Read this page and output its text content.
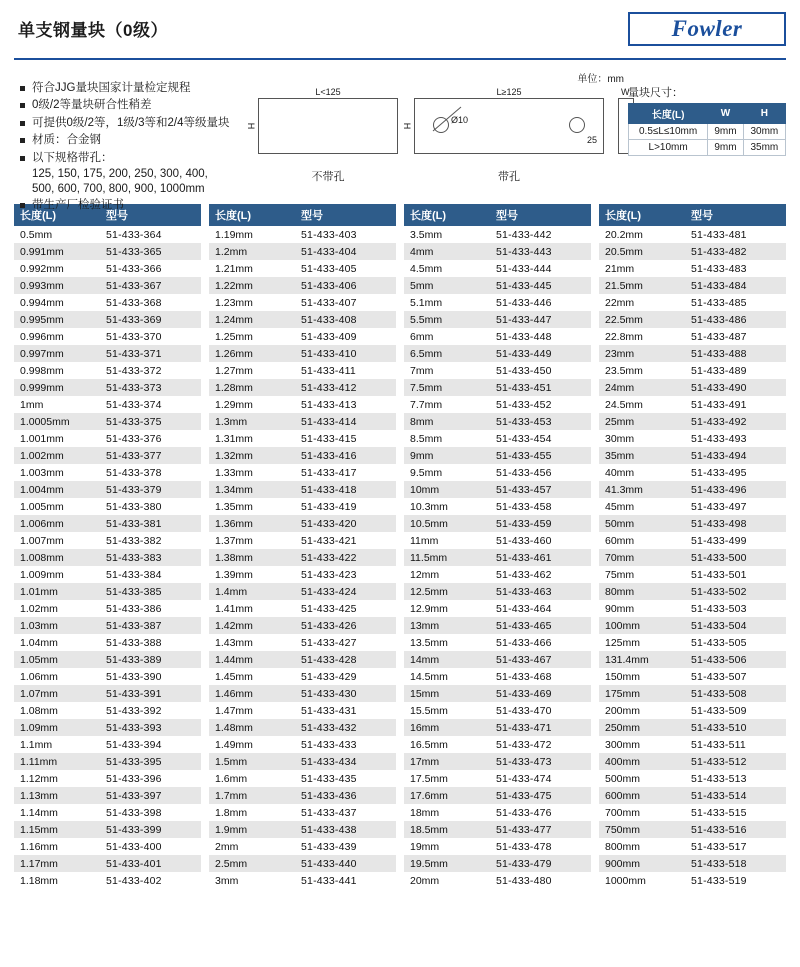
单支钢量块（0级）	Fowler
符合JJG量块国家计量检定规程
0级/2等量块研合性稍差
可提供0级/2等，1级/3等和2/4等级量块
材质：合金钢
以下规格带孔：
125, 150, 175, 200, 250, 300, 400,
500, 600, 700, 800, 900, 1000mm
带生产厂检验证书
单位：mm
L<125
H
不带孔
L≥125
H
Ø10
25
带孔

W
量块尺寸：
长度(L)	W	H
0.5≤L≤10mm	9mm	30mm
L>10mm	9mm	35mm
长度(L)	型号
0.5mm	51-433-364
0.991mm	51-433-365
0.992mm	51-433-366
0.993mm	51-433-367
0.994mm	51-433-368
0.995mm	51-433-369
0.996mm	51-433-370
0.997mm	51-433-371
0.998mm	51-433-372
0.999mm	51-433-373
1mm	51-433-374
1.0005mm	51-433-375
1.001mm	51-433-376
1.002mm	51-433-377
1.003mm	51-433-378
1.004mm	51-433-379
1.005mm	51-433-380
1.006mm	51-433-381
1.007mm	51-433-382
1.008mm	51-433-383
1.009mm	51-433-384
1.01mm	51-433-385
1.02mm	51-433-386
1.03mm	51-433-387
1.04mm	51-433-388
1.05mm	51-433-389
1.06mm	51-433-390
1.07mm	51-433-391
1.08mm	51-433-392
1.09mm	51-433-393
1.1mm	51-433-394
1.11mm	51-433-395
1.12mm	51-433-396
1.13mm	51-433-397
1.14mm	51-433-398
1.15mm	51-433-399
1.16mm	51-433-400
1.17mm	51-433-401
1.18mm	51-433-402
长度(L)	型号
1.19mm	51-433-403
1.2mm	51-433-404
1.21mm	51-433-405
1.22mm	51-433-406
1.23mm	51-433-407
1.24mm	51-433-408
1.25mm	51-433-409
1.26mm	51-433-410
1.27mm	51-433-411
1.28mm	51-433-412
1.29mm	51-433-413
1.3mm	51-433-414
1.31mm	51-433-415
1.32mm	51-433-416
1.33mm	51-433-417
1.34mm	51-433-418
1.35mm	51-433-419
1.36mm	51-433-420
1.37mm	51-433-421
1.38mm	51-433-422
1.39mm	51-433-423
1.4mm	51-433-424
1.41mm	51-433-425
1.42mm	51-433-426
1.43mm	51-433-427
1.44mm	51-433-428
1.45mm	51-433-429
1.46mm	51-433-430
1.47mm	51-433-431
1.48mm	51-433-432
1.49mm	51-433-433
1.5mm	51-433-434
1.6mm	51-433-435
1.7mm	51-433-436
1.8mm	51-433-437
1.9mm	51-433-438
2mm	51-433-439
2.5mm	51-433-440
3mm	51-433-441
长度(L)	型号
3.5mm	51-433-442
4mm	51-433-443
4.5mm	51-433-444
5mm	51-433-445
5.1mm	51-433-446
5.5mm	51-433-447
6mm	51-433-448
6.5mm	51-433-449
7mm	51-433-450
7.5mm	51-433-451
7.7mm	51-433-452
8mm	51-433-453
8.5mm	51-433-454
9mm	51-433-455
9.5mm	51-433-456
10mm	51-433-457
10.3mm	51-433-458
10.5mm	51-433-459
11mm	51-433-460
11.5mm	51-433-461
12mm	51-433-462
12.5mm	51-433-463
12.9mm	51-433-464
13mm	51-433-465
13.5mm	51-433-466
14mm	51-433-467
14.5mm	51-433-468
15mm	51-433-469
15.5mm	51-433-470
16mm	51-433-471
16.5mm	51-433-472
17mm	51-433-473
17.5mm	51-433-474
17.6mm	51-433-475
18mm	51-433-476
18.5mm	51-433-477
19mm	51-433-478
19.5mm	51-433-479
20mm	51-433-480
长度(L)	型号
20.2mm	51-433-481
20.5mm	51-433-482
21mm	51-433-483
21.5mm	51-433-484
22mm	51-433-485
22.5mm	51-433-486
22.8mm	51-433-487
23mm	51-433-488
23.5mm	51-433-489
24mm	51-433-490
24.5mm	51-433-491
25mm	51-433-492
30mm	51-433-493
35mm	51-433-494
40mm	51-433-495
41.3mm	51-433-496
45mm	51-433-497
50mm	51-433-498
60mm	51-433-499
70mm	51-433-500
75mm	51-433-501
80mm	51-433-502
90mm	51-433-503
100mm	51-433-504
125mm	51-433-505
131.4mm	51-433-506
150mm	51-433-507
175mm	51-433-508
200mm	51-433-509
250mm	51-433-510
300mm	51-433-511
400mm	51-433-512
500mm	51-433-513
600mm	51-433-514
700mm	51-433-515
750mm	51-433-516
800mm	51-433-517
900mm	51-433-518
1000mm	51-433-519
